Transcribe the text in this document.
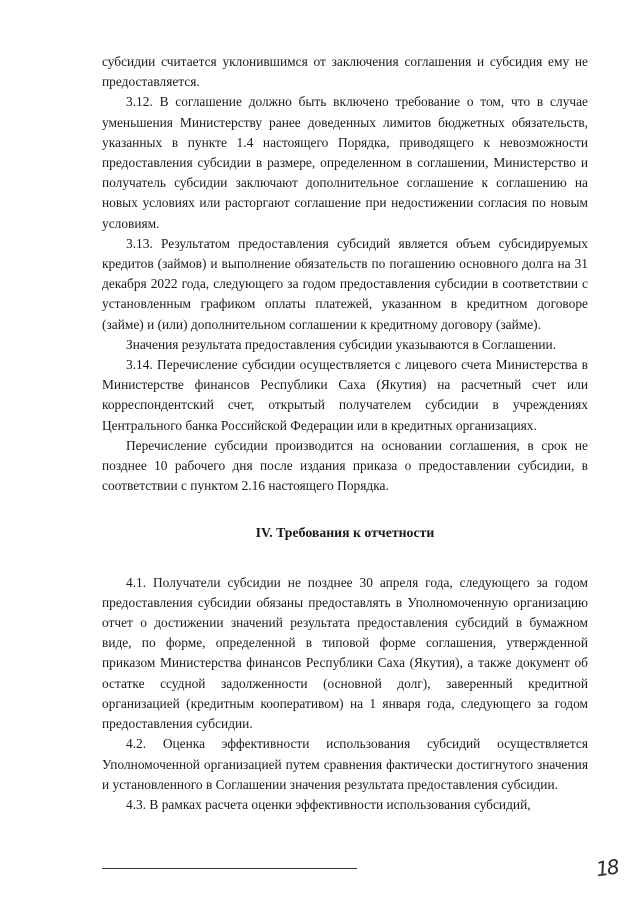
субсидии считается уклонившимся от заключения соглашения и субсидия ему не предоставляется.

3.12. В соглашение должно быть включено требование о том, что в случае уменьшения Министерству ранее доведенных лимитов бюджетных обязательств, указанных в пункте 1.4 настоящего Порядка, приводящего к невозможности предоставления субсидии в размере, определенном в соглашении, Министерство и получатель субсидии заключают дополнительное соглашение к соглашению на новых условиях или расторгают соглашение при недостижении согласия по новым условиям.

3.13. Результатом предоставления субсидий является объем субсидируемых кредитов (займов) и выполнение обязательств по погашению основного долга на 31 декабря 2022 года, следующего за годом предоставления субсидии в соответствии с установленным графиком оплаты платежей, указанном в кредитном договоре (займе) и (или) дополнительном соглашении к кредитному договору (займе).

Значения результата предоставления субсидии указываются в Соглашении.

3.14. Перечисление субсидии осуществляется с лицевого счета Министерства в Министерстве финансов Республики Саха (Якутия) на расчетный счет или корреспондентский счет, открытый получателем субсидии в учреждениях Центрального банка Российской Федерации или в кредитных организациях.

Перечисление субсидии производится на основании соглашения, в срок не позднее 10 рабочего дня после издания приказа о предоставлении субсидии, в соответствии с пунктом 2.16 настоящего Порядка.

IV. Требования к отчетности

4.1. Получатели субсидии не позднее 30 апреля года, следующего за годом предоставления субсидии обязаны предоставлять в Уполномоченную организацию отчет о достижении значений результата предоставления субсидий в бумажном виде, по форме, определенной в типовой форме соглашения, утвержденной приказом Министерства финансов Республики Саха (Якутия), а также документ об остатке ссудной задолженности (основной долг), заверенный кредитной организацией (кредитным кооперативом) на 1 января года, следующего за годом предоставления субсидии.

4.2. Оценка эффективности использования субсидий осуществляется Уполномоченной организацией путем сравнения фактически достигнутого значения и установленного в Соглашении значения результата предоставления субсидии.

4.3. В рамках расчета оценки эффективности использования субсидий,

18
